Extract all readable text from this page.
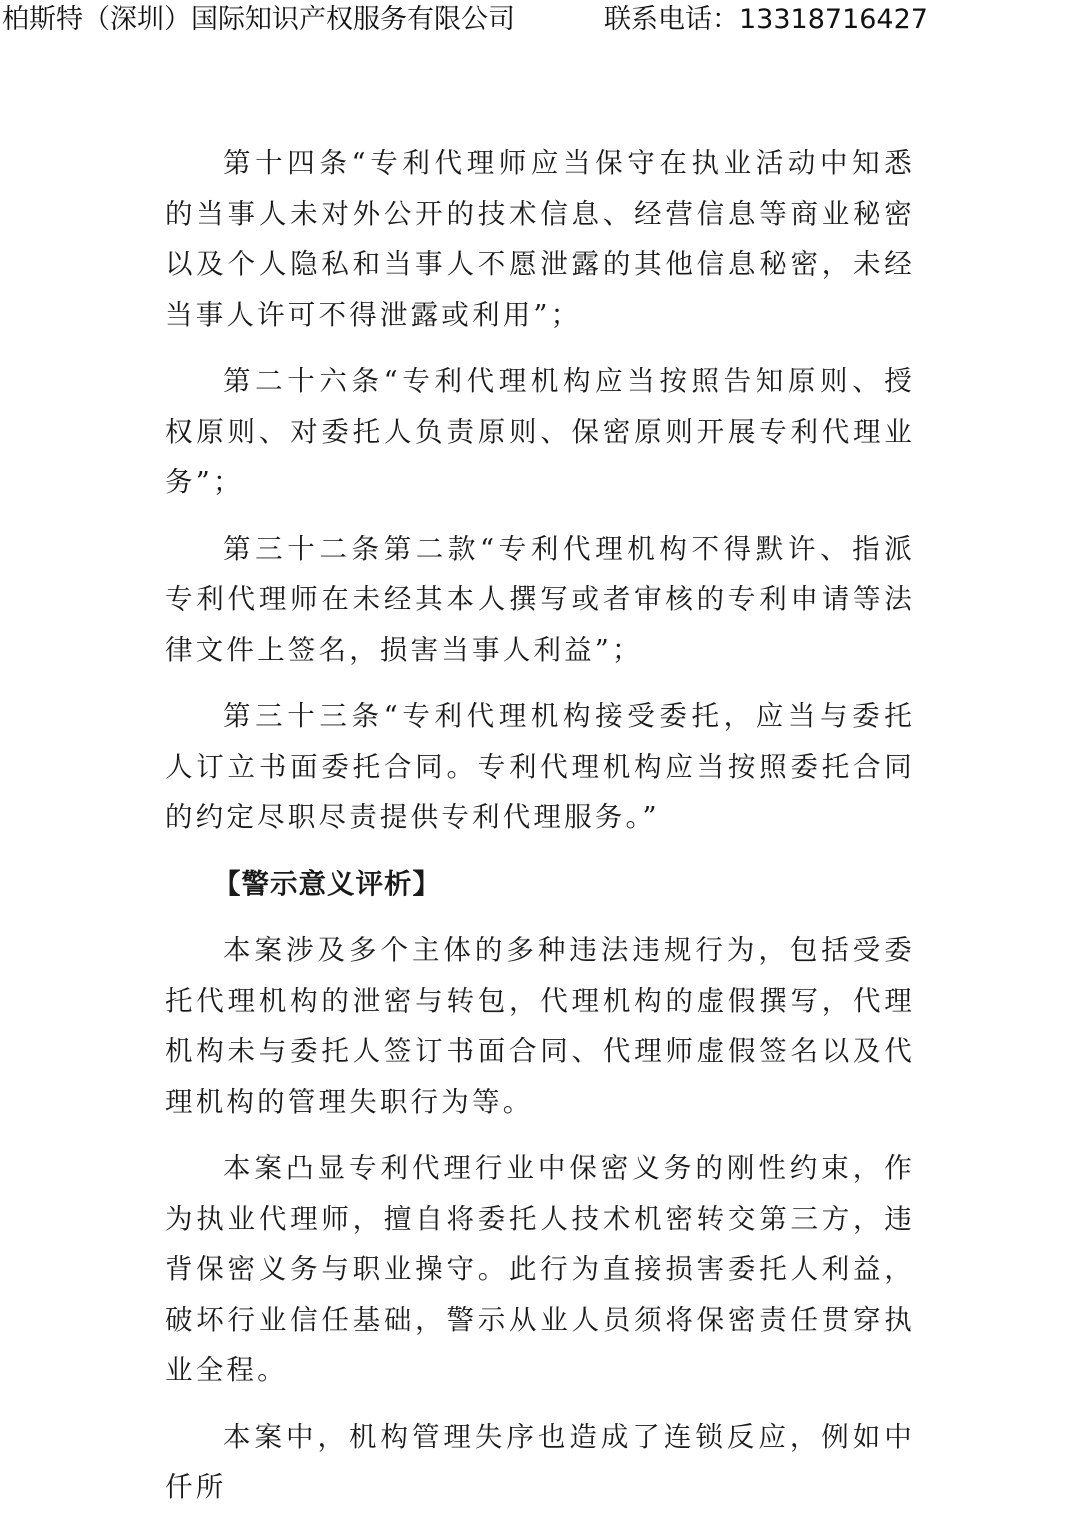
柏斯特（深圳）国际知识产权服务有限公司	联系电话：13318716427

第十四条“专利代理师应当保守在执业活动中知悉的当事人未对外公开的技术信息、经营信息等商业秘密以及个人隐私和当事人不愿泄露的其他信息秘密，未经当事人许可不得泄露或利用”；

第二十六条“专利代理机构应当按照告知原则、授权原则、对委托人负责原则、保密原则开展专利代理业务”；

第三十二条第二款“专利代理机构不得默许、指派专利代理师在未经其本人撰写或者审核的专利申请等法律文件上签名，损害当事人利益”；

第三十三条“专利代理机构接受委托，应当与委托人订立书面委托合同。专利代理机构应当按照委托合同的约定尽职尽责提供专利代理服务。”

【警示意义评析】

本案涉及多个主体的多种违法违规行为，包括受委托代理机构的泄密与转包，代理机构的虚假撰写，代理机构未与委托人签订书面合同、代理师虚假签名以及代理机构的管理失职行为等。

本案凸显专利代理行业中保密义务的刚性约束，作为执业代理师，擅自将委托人技术机密转交第三方，违背保密义务与职业操守。此行为直接损害委托人利益，破坏行业信任基础，警示从业人员须将保密责任贯穿执业全程。

本案中，机构管理失序也造成了连锁反应，例如中仟所
